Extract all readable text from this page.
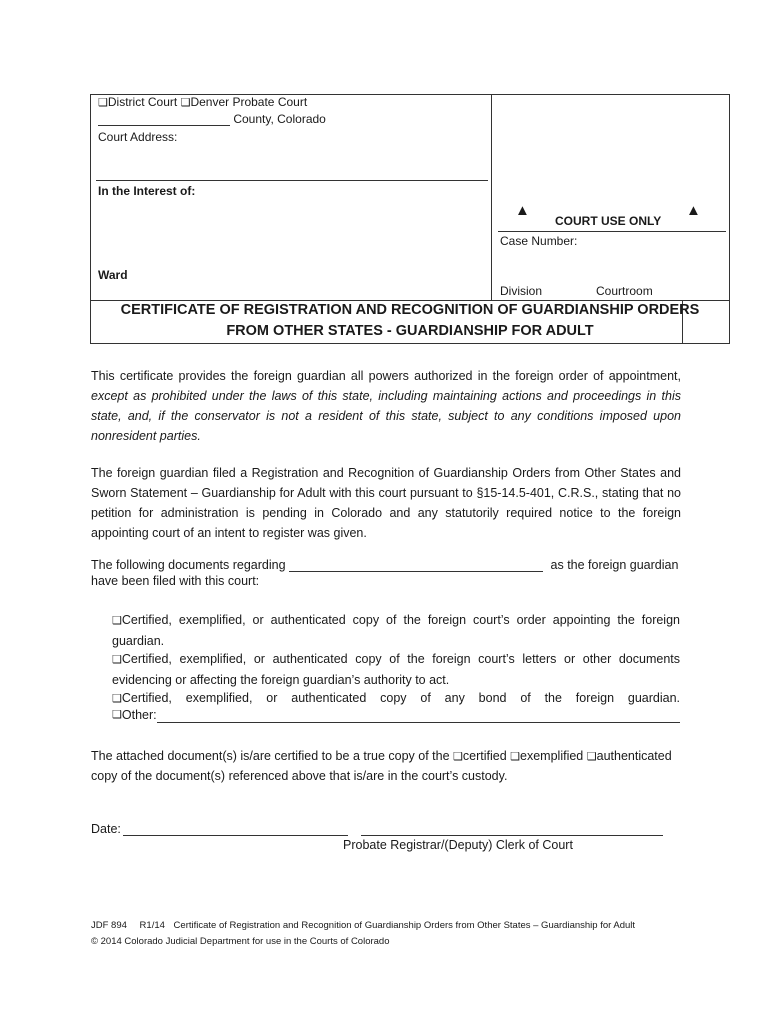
❑District Court ❑Denver Probate Court
County, Colorado
Court Address:
In the Interest of:
Ward
▲	▲
COURT USE ONLY
Case Number:
Division	Courtroom
CERTIFICATE OF REGISTRATION AND RECOGNITION OF GUARDIANSHIP ORDERS
FROM OTHER STATES - GUARDIANSHIP FOR ADULT
This certificate provides the foreign guardian all powers authorized in the foreign order of appointment, except as prohibited under the laws of this state, including maintaining actions and proceedings in this state, and, if the conservator is not a resident of this state, subject to any conditions imposed upon nonresident parties.
The foreign guardian filed a Registration and Recognition of Guardianship Orders from Other States and Sworn Statement – Guardianship for Adult with this court pursuant to §15-14.5-401, C.R.S., stating that no petition for administration is pending in Colorado and any statutorily required notice to the foreign appointing court of an intent to register was given.
The following documents regarding	as the foreign guardian
have been filed with this court:
❑Certified, exemplified, or authenticated copy of the foreign court’s order appointing the foreign guardian.
❑Certified, exemplified, or authenticated copy of the foreign court’s letters or other documents evidencing or affecting the foreign guardian’s authority to act.
❑Certified, exemplified, or authenticated copy of any bond of the foreign guardian.
❑ Other:
The attached document(s) is/are certified to be a true copy of the ❑certified ❑exemplified ❑authenticated
copy of the document(s) referenced above that is/are in the court’s custody.
Date:
Probate Registrar/(Deputy) Clerk of Court
JDF 894 R1/14 Certificate of Registration and Recognition of Guardianship Orders from Other States – Guardianship for Adult
© 2014 Colorado Judicial Department for use in the Courts of Colorado
